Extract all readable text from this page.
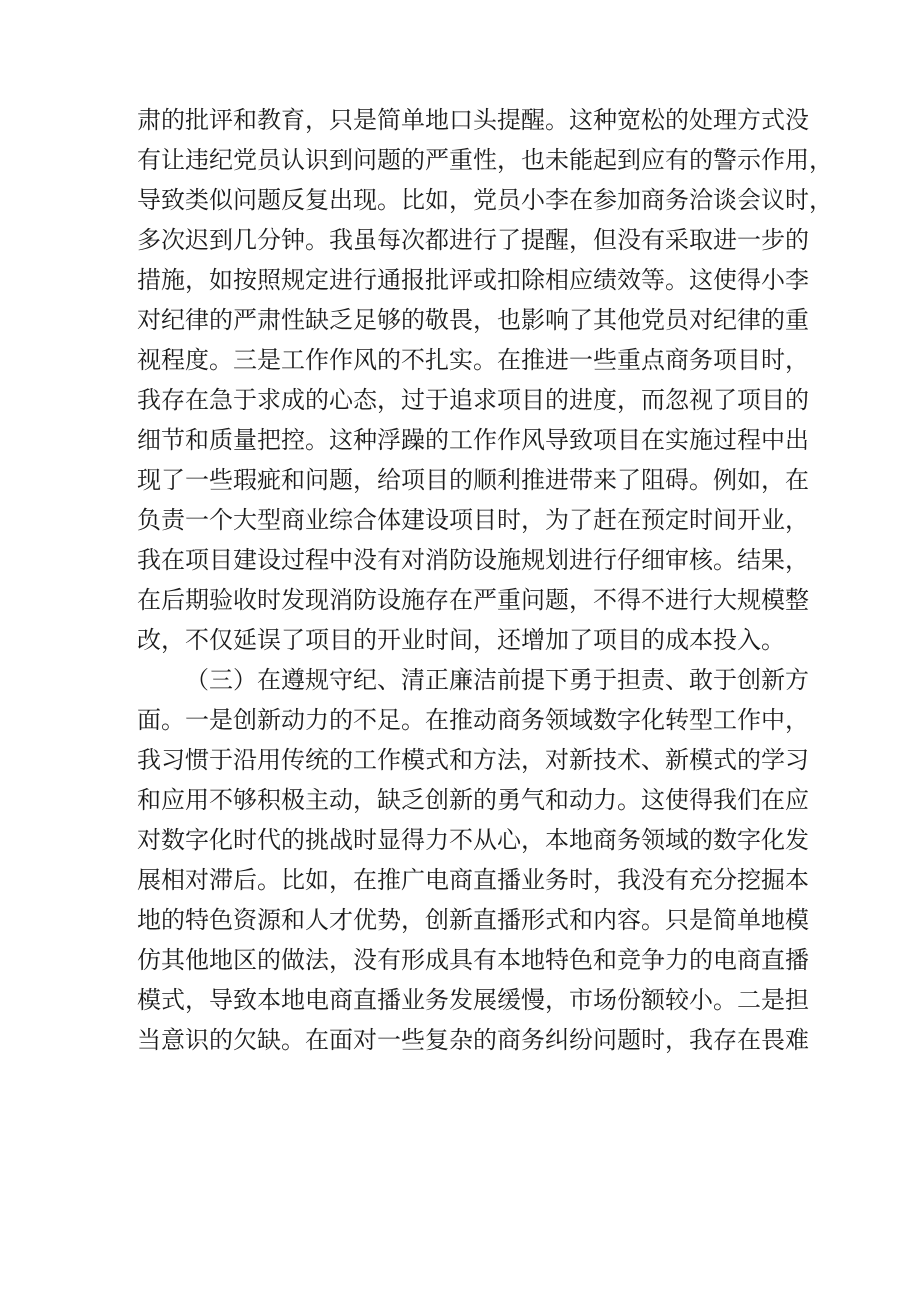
肃的批评和教育，只是简单地口头提醒。这种宽松的处理方式没
有让违纪党员认识到问题的严重性，也未能起到应有的警示作用，
导致类似问题反复出现。比如，党员小李在参加商务洽谈会议时，
多次迟到几分钟。我虽每次都进行了提醒，但没有采取进一步的
措施，如按照规定进行通报批评或扣除相应绩效等。这使得小李
对纪律的严肃性缺乏足够的敬畏，也影响了其他党员对纪律的重
视程度。三是工作作风的不扎实。在推进一些重点商务项目时，
我存在急于求成的心态，过于追求项目的进度，而忽视了项目的
细节和质量把控。这种浮躁的工作作风导致项目在实施过程中出
现了一些瑕疵和问题，给项目的顺利推进带来了阻碍。例如，在
负责一个大型商业综合体建设项目时，为了赶在预定时间开业，
我在项目建设过程中没有对消防设施规划进行仔细审核。结果，
在后期验收时发现消防设施存在严重问题，不得不进行大规模整
改，不仅延误了项目的开业时间，还增加了项目的成本投入。
（三）在遵规守纪、清正廉洁前提下勇于担责、敢于创新方
面。一是创新动力的不足。在推动商务领域数字化转型工作中，
我习惯于沿用传统的工作模式和方法，对新技术、新模式的学习
和应用不够积极主动，缺乏创新的勇气和动力。这使得我们在应
对数字化时代的挑战时显得力不从心，本地商务领域的数字化发
展相对滞后。比如，在推广电商直播业务时，我没有充分挖掘本
地的特色资源和人才优势，创新直播形式和内容。只是简单地模
仿其他地区的做法，没有形成具有本地特色和竞争力的电商直播
模式，导致本地电商直播业务发展缓慢，市场份额较小。二是担
当意识的欠缺。在面对一些复杂的商务纠纷问题时，我存在畏难
